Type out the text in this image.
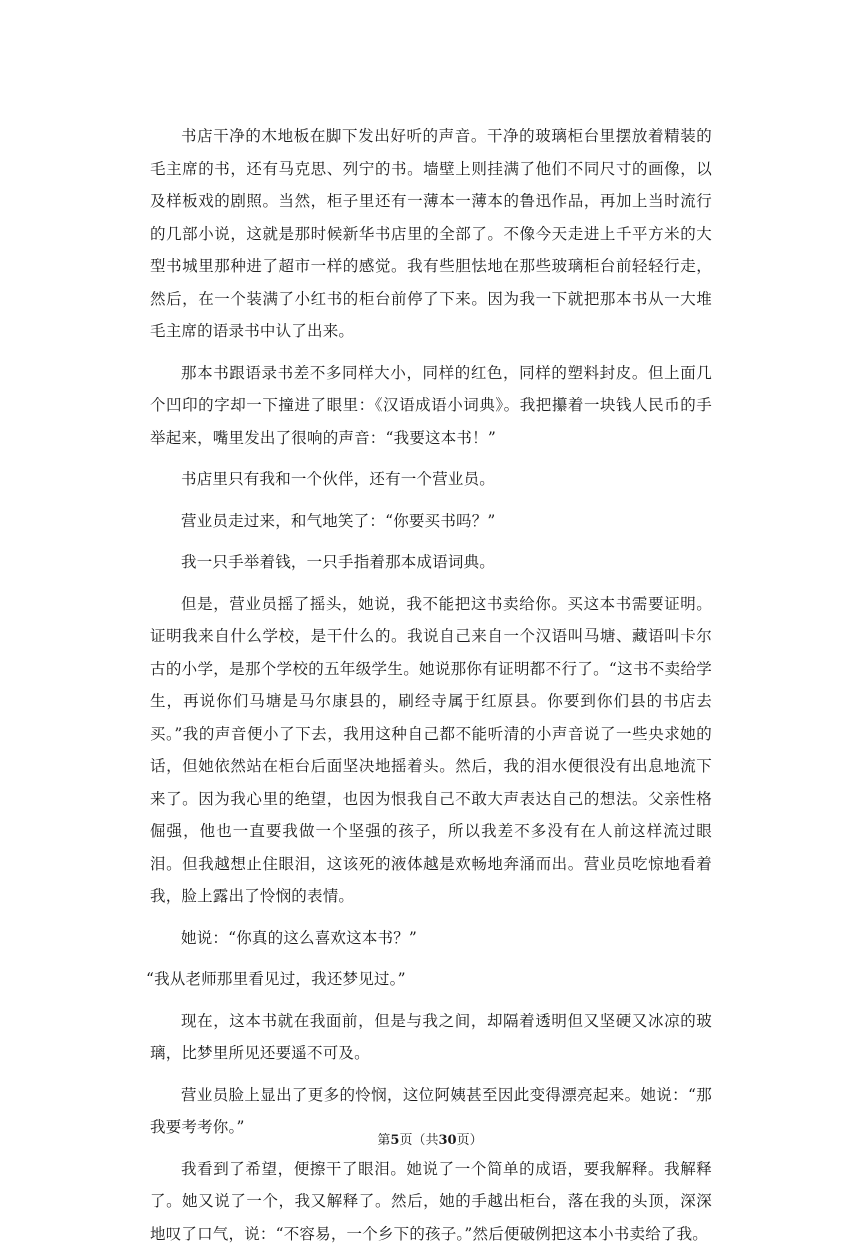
书店干净的木地板在脚下发出好听的声音。干净的玻璃柜台里摆放着精装的毛主席的书，还有马克思、列宁的书。墙壁上则挂满了他们不同尺寸的画像，以及样板戏的剧照。当然，柜子里还有一薄本一薄本的鲁迅作品，再加上当时流行的几部小说，这就是那时候新华书店里的全部了。不像今天走进上千平方米的大型书城里那种进了超市一样的感觉。我有些胆怯地在那些玻璃柜台前轻轻行走，然后，在一个装满了小红书的柜台前停了下来。因为我一下就把那本书从一大堆毛主席的语录书中认了出来。

那本书跟语录书差不多同样大小，同样的红色，同样的塑料封皮。但上面几个凹印的字却一下撞进了眼里：《汉语成语小词典》。我把攥着一块钱人民币的手举起来，嘴里发出了很响的声音：“我要这本书！”

书店里只有我和一个伙伴，还有一个营业员。

营业员走过来，和气地笑了：“你要买书吗？”

我一只手举着钱，一只手指着那本成语词典。

但是，营业员摇了摇头，她说，我不能把这书卖给你。买这本书需要证明。证明我来自什么学校，是干什么的。我说自己来自一个汉语叫马塘、藏语叫卡尔古的小学，是那个学校的五年级学生。她说那你有证明都不行了。“这书不卖给学生，再说你们马塘是马尔康县的，刷经寺属于红原县。你要到你们县的书店去买。”我的声音便小了下去，我用这种自己都不能听清的小声音说了一些央求她的话，但她依然站在柜台后面坚决地摇着头。然后，我的泪水便很没有出息地流下来了。因为我心里的绝望，也因为恨我自己不敢大声表达自己的想法。父亲性格倔强，他也一直要我做一个坚强的孩子，所以我差不多没有在人前这样流过眼泪。但我越想止住眼泪，这该死的液体越是欢畅地奔涌而出。营业员吃惊地看着我，脸上露出了怜悯的表情。

她说：“你真的这么喜欢这本书？”

“我从老师那里看见过，我还梦见过。”

现在，这本书就在我面前，但是与我之间，却隔着透明但又坚硬又冰凉的玻璃，比梦里所见还要遥不可及。

营业员脸上显出了更多的怜悯，这位阿姨甚至因此变得漂亮起来。她说：“那我要考考你。”

我看到了希望，便擦干了眼泪。她说了一个简单的成语，要我解释。我解释了。她又说了一个，我又解释了。然后，她的手越出柜台，落在我的头顶，深深地叹了口气，说：“不容易，一个乡下的孩子。”然后便破例把这本小书卖给了我。

第5页（共30页）
